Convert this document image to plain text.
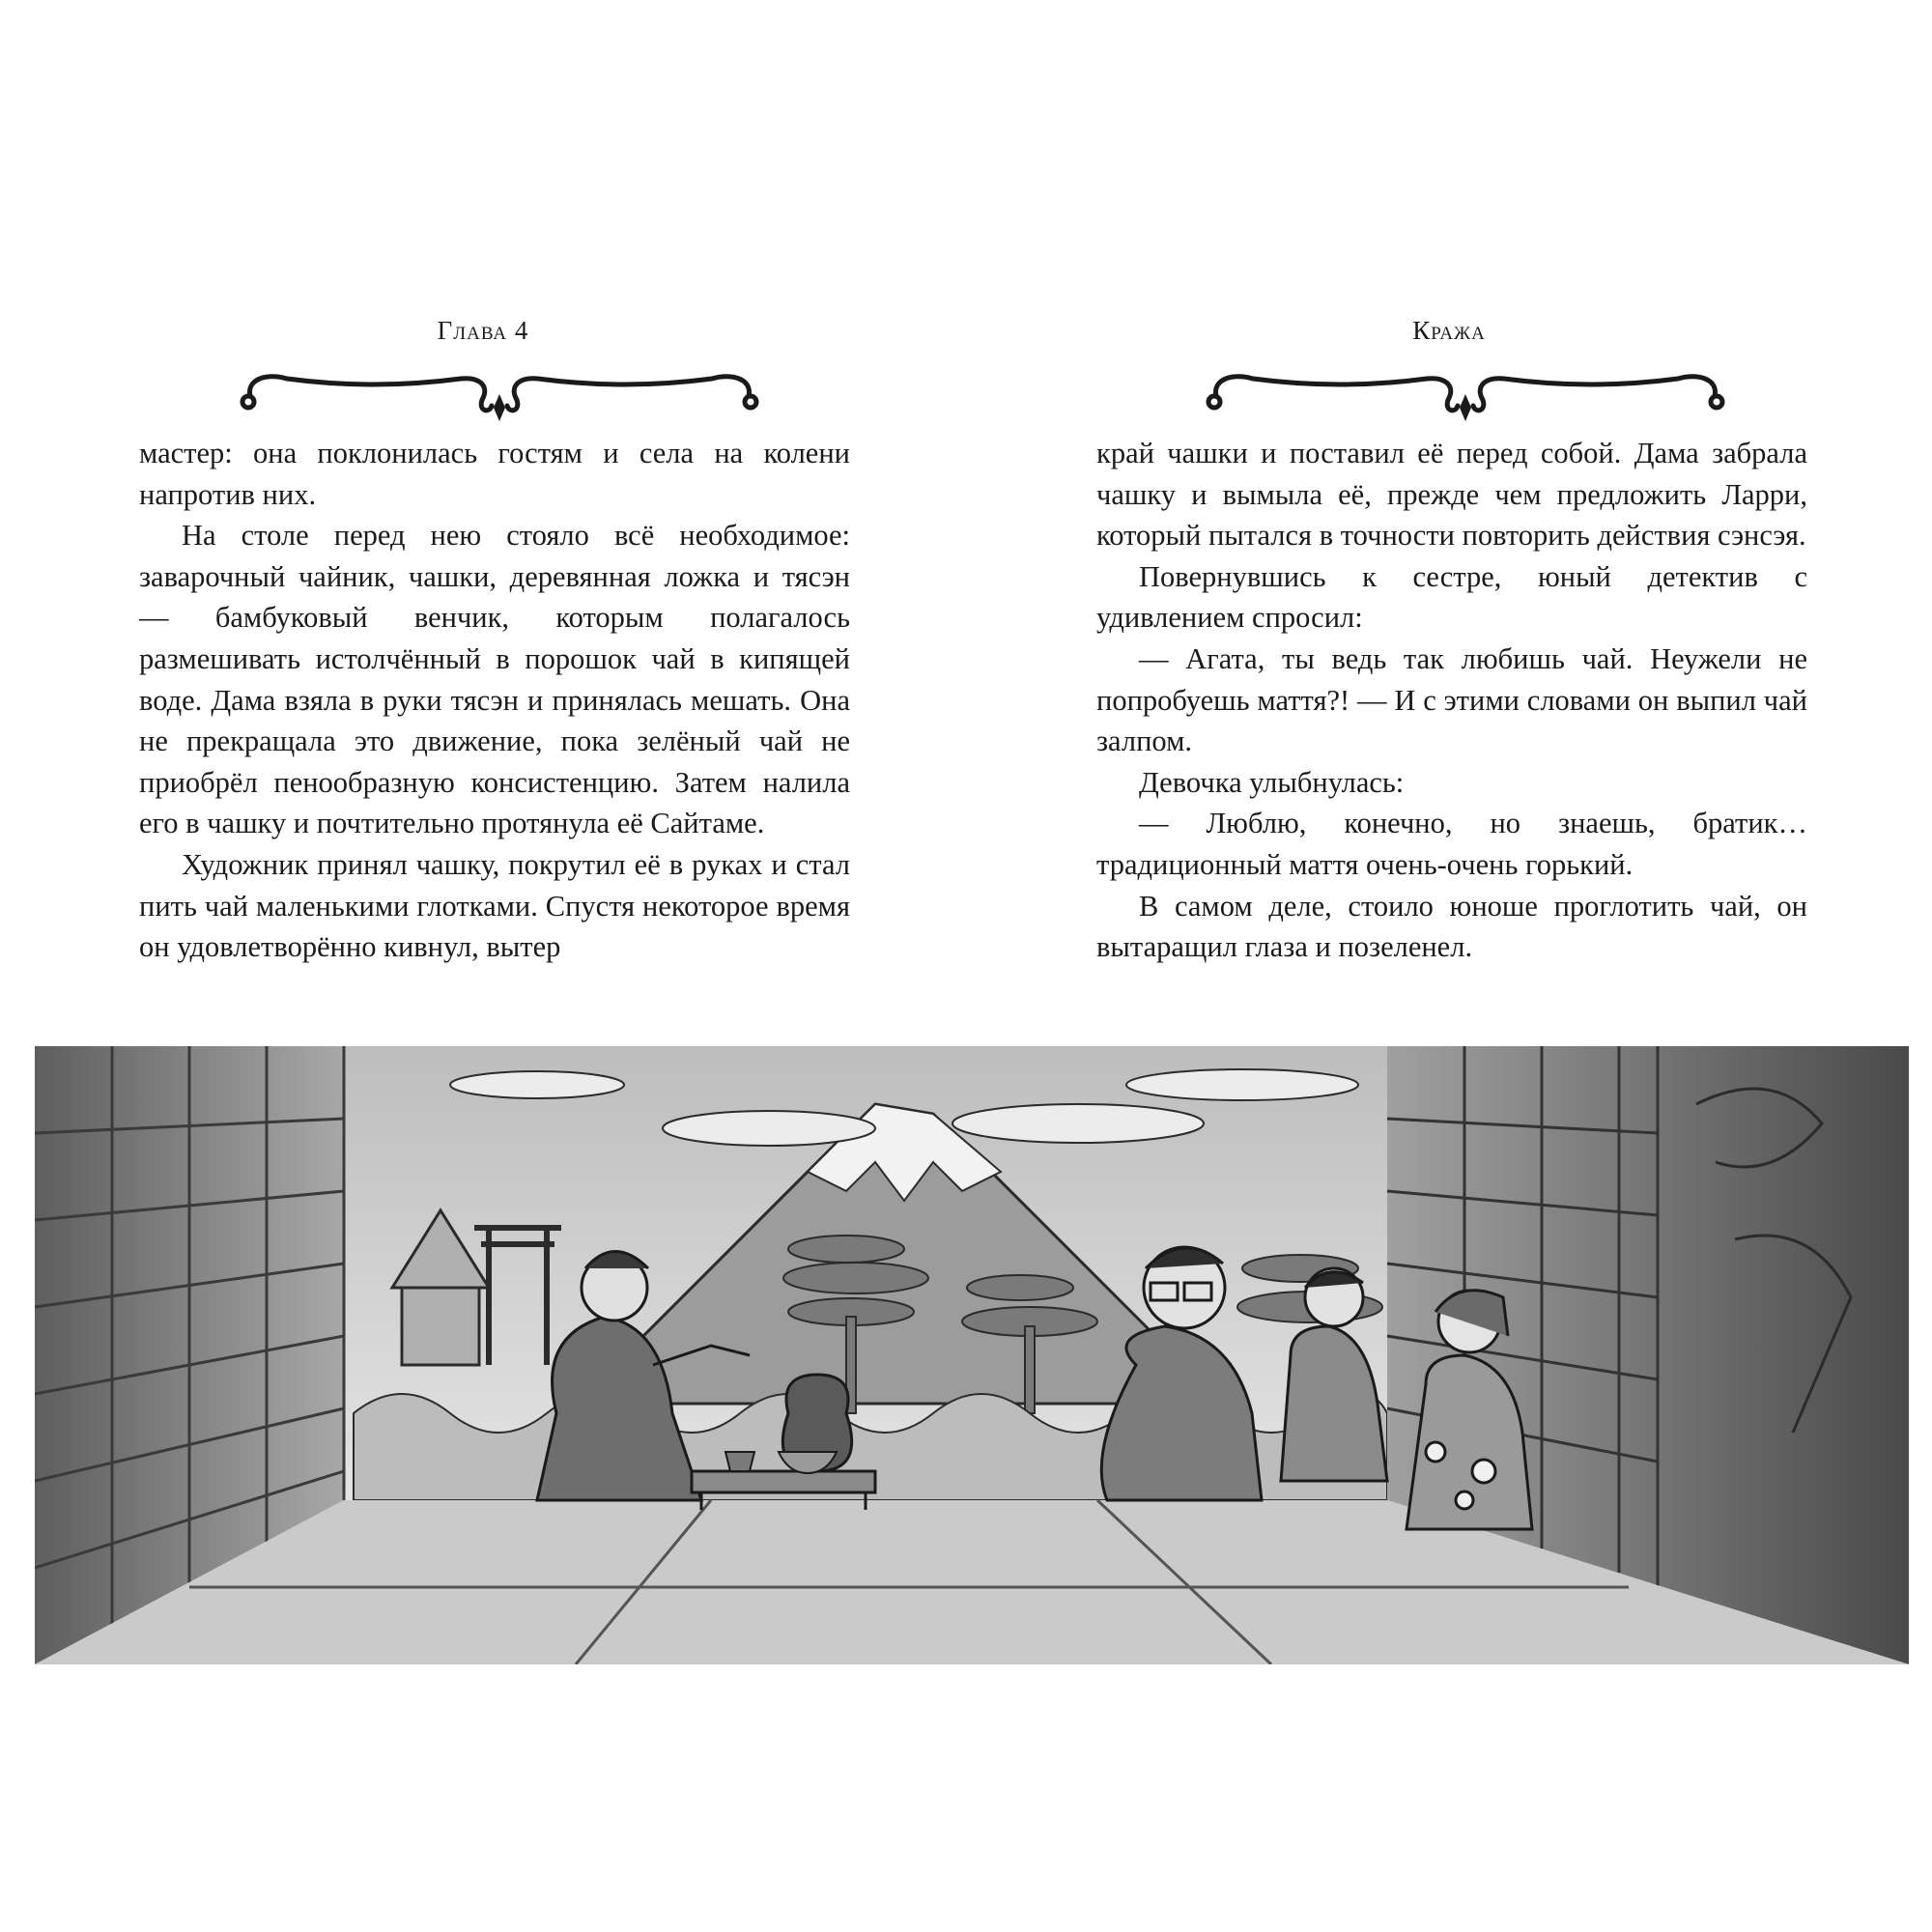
Глава 4

мастер: она поклонилась гостям и села на колени напротив них.

На столе перед нею стояло всё необходимое: заварочный чайник, чашки, деревянная ложка и тясэн — бамбуковый венчик, которым полагалось размешивать истолчённый в порошок чай в кипящей воде. Дама взяла в руки тясэн и принялась мешать. Она не прекращала это движение, пока зелёный чай не приобрёл пенообразную консистенцию. Затем налила его в чашку и почтительно протянула её Сайтаме.

Художник принял чашку, покрутил её в руках и стал пить чай маленькими глотками. Спустя некоторое время он удовлетворённо кивнул, вытер

Кража

край чашки и поставил её перед собой. Дама забрала чашку и вымыла её, прежде чем предложить Ларри, который пытался в точности повторить действия сэнсэя.

Повернувшись к сестре, юный детектив с удивлением спросил:

— Агата, ты ведь так любишь чай. Неужели не попробуешь маття?! — И с этими словами он выпил чай залпом.

Девочка улыбнулась:

— Люблю, конечно, но знаешь, братик… традиционный маття очень-очень горький.

В самом деле, стоило юноше проглотить чай, он вытаращил глаза и позеленел.
